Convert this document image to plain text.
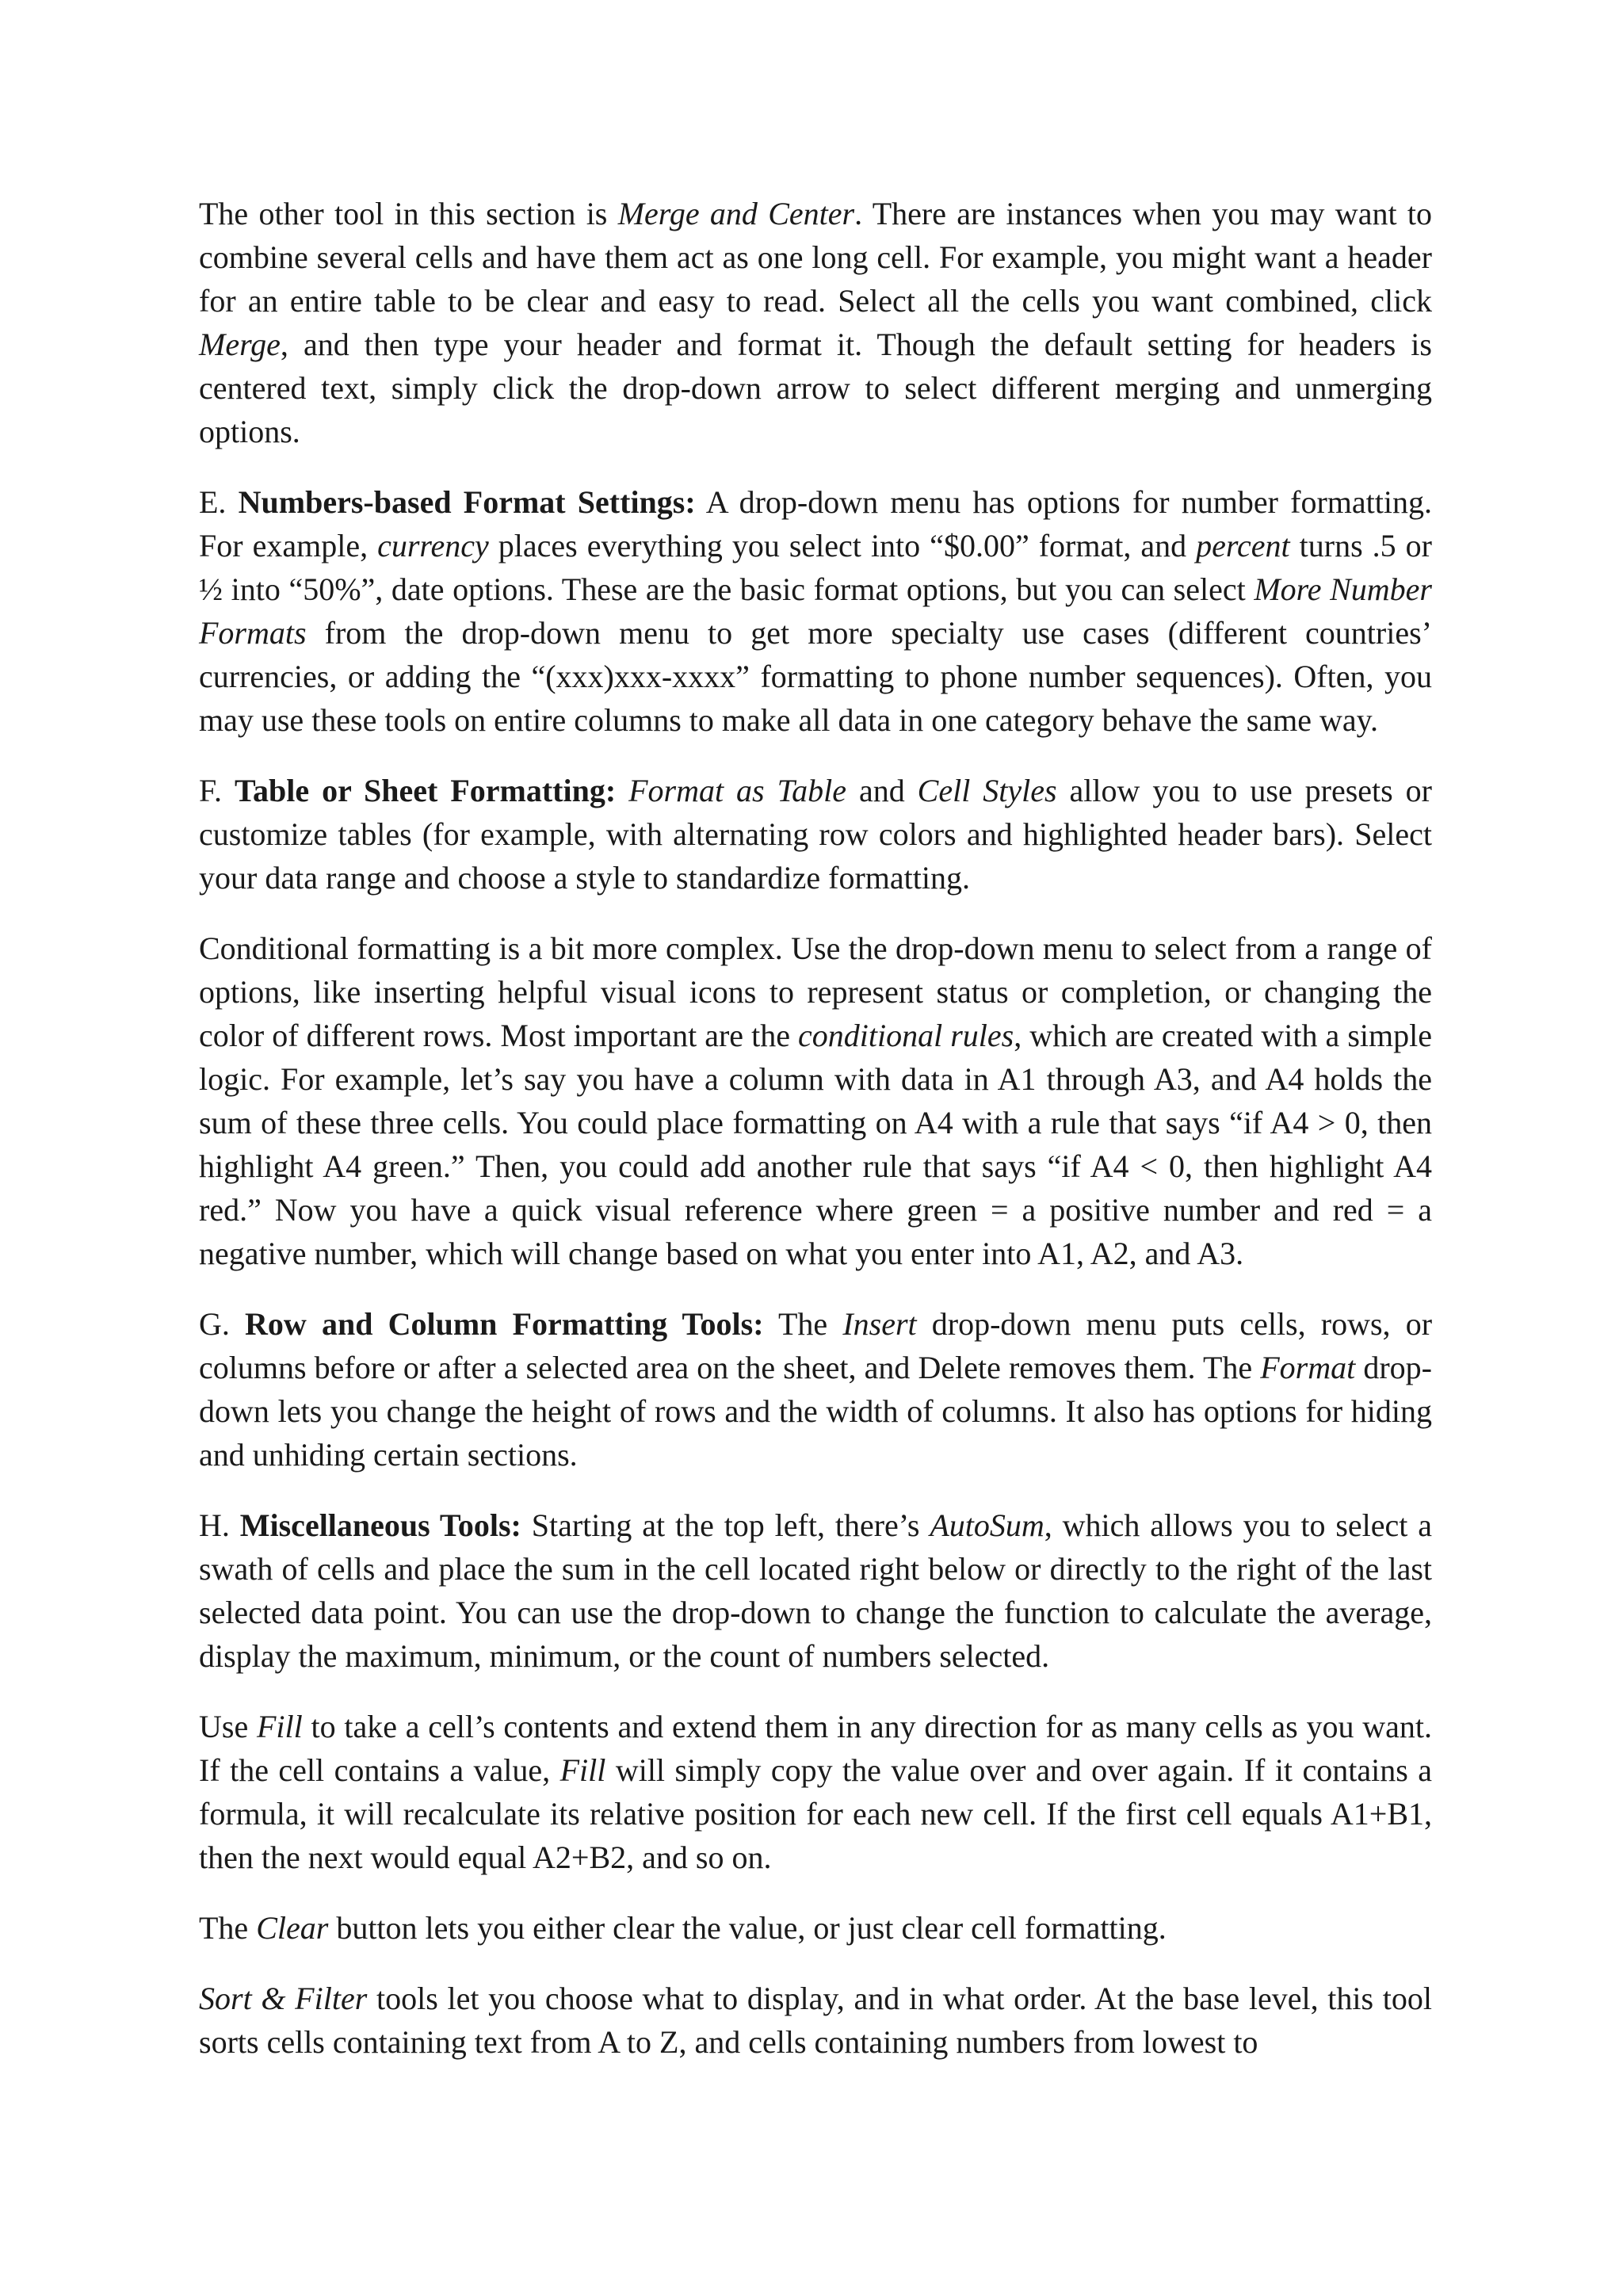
The other tool in this section is Merge and Center. There are instances when you may want to combine several cells and have them act as one long cell. For example, you might want a header for an entire table to be clear and easy to read. Select all the cells you want combined, click Merge, and then type your header and format it. Though the default setting for headers is centered text, simply click the drop-down arrow to select different merging and unmerging options.

E. Numbers-based Format Settings: A drop-down menu has options for number formatting. For example, currency places everything you select into “$0.00” format, and percent turns .5 or ½ into “50%”, date options. These are the basic format options, but you can select More Number Formats from the drop-down menu to get more specialty use cases (different countries’ currencies, or adding the “(xxx)xxx-xxxx” formatting to phone number sequences). Often, you may use these tools on entire columns to make all data in one category behave the same way.

F. Table or Sheet Formatting: Format as Table and Cell Styles allow you to use presets or customize tables (for example, with alternating row colors and highlighted header bars). Select your data range and choose a style to standardize formatting.

Conditional formatting is a bit more complex. Use the drop-down menu to select from a range of options, like inserting helpful visual icons to represent status or completion, or changing the color of different rows. Most important are the conditional rules, which are created with a simple logic. For example, let’s say you have a column with data in A1 through A3, and A4 holds the sum of these three cells. You could place formatting on A4 with a rule that says “if A4 > 0, then highlight A4 green.” Then, you could add another rule that says “if A4 < 0, then highlight A4 red.” Now you have a quick visual reference where green = a positive number and red = a negative number, which will change based on what you enter into A1, A2, and A3.

G. Row and Column Formatting Tools: The Insert drop-down menu puts cells, rows, or columns before or after a selected area on the sheet, and Delete removes them. The Format drop-down lets you change the height of rows and the width of columns. It also has options for hiding and unhiding certain sections.

H. Miscellaneous Tools: Starting at the top left, there’s AutoSum, which allows you to select a swath of cells and place the sum in the cell located right below or directly to the right of the last selected data point. You can use the drop-down to change the function to calculate the average, display the maximum, minimum, or the count of numbers selected.

Use Fill to take a cell’s contents and extend them in any direction for as many cells as you want. If the cell contains a value, Fill will simply copy the value over and over again. If it contains a formula, it will recalculate its relative position for each new cell. If the first cell equals A1+B1, then the next would equal A2+B2, and so on.

The Clear button lets you either clear the value, or just clear cell formatting.

Sort & Filter tools let you choose what to display, and in what order. At the base level, this tool sorts cells containing text from A to Z, and cells containing numbers from lowest to
